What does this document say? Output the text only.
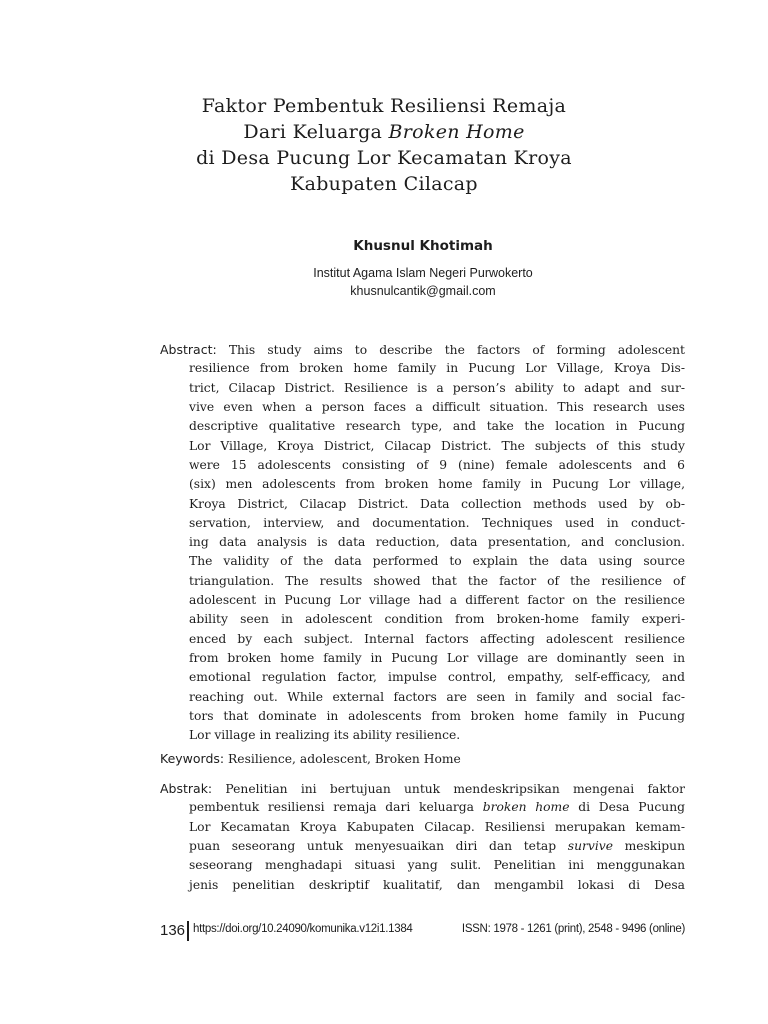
Faktor Pembentuk Resiliensi Remaja
Dari Keluarga Broken Home
di Desa Pucung Lor Kecamatan Kroya
Kabupaten Cilacap
Khusnul Khotimah
Institut Agama Islam Negeri Purwokerto
khusnulcantik@gmail.com
Abstract: This study aims to describe the factors of forming adolescent
resilience from broken home family in Pucung Lor Village, Kroya Dis-
trict, Cilacap District. Resilience is a person’s ability to adapt and sur-
vive even when a person faces a difficult situation. This research uses
descriptive qualitative research type, and take the location in Pucung
Lor Village, Kroya District, Cilacap District. The subjects of this study
were 15 adolescents consisting of 9 (nine) female adolescents and 6
(six) men adolescents from broken home family in Pucung Lor village,
Kroya District, Cilacap District. Data collection methods used by ob-
servation, interview, and documentation. Techniques used in conduct-
ing data analysis is data reduction, data presentation, and conclusion.
The validity of the data performed to explain the data using source
triangulation. The results showed that the factor of the resilience of
adolescent in Pucung Lor village had a different factor on the resilience
ability seen in adolescent condition from broken-home family experi-
enced by each subject. Internal factors affecting adolescent resilience
from broken home family in Pucung Lor village are dominantly seen in
emotional regulation factor, impulse control, empathy, self-efficacy, and
reaching out. While external factors are seen in family and social fac-
tors that dominate in adolescents from broken home family in Pucung
Lor village in realizing its ability resilience.
Keywords: Resilience, adolescent, Broken Home
Abstrak: Penelitian ini bertujuan untuk mendeskripsikan mengenai faktor
pembentuk resiliensi remaja dari keluarga broken home di Desa Pucung
Lor Kecamatan Kroya Kabupaten Cilacap. Resiliensi merupakan kemam-
puan seseorang untuk menyesuaikan diri dan tetap survive meskipun
seseorang menghadapi situasi yang sulit. Penelitian ini menggunakan
jenis penelitian deskriptif kualitatif, dan mengambil lokasi di Desa
136 https://doi.org/10.24090/komunika.v12i1.1384	ISSN: 1978 - 1261 (print), 2548 - 9496 (online)
